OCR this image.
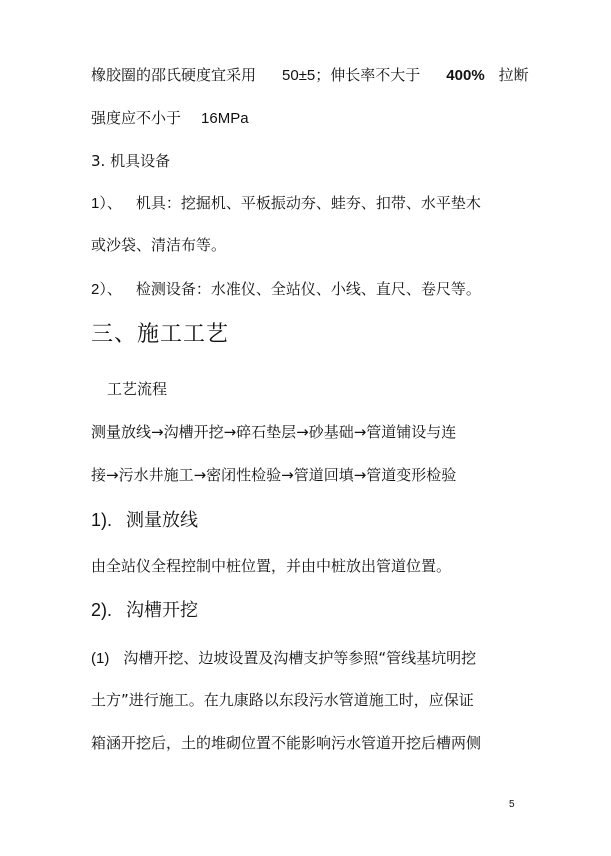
橡胶圈的邵氏硬度宜采用 50±5；伸长率不大于 400% 拉断
强度应不小于 16MPa
3. 机具设备
1）、 机具：挖掘机、平板振动夯、蛙夯、扣带、水平垫木
或沙袋、清洁布等。
2）、 检测设备：水准仪、全站仪、小线、直尺、卷尺等。
三、施工工艺
工艺流程
测量放线→沟槽开挖→碎石垫层→砂基础→管道铺设与连
接→污水井施工→密闭性检验→管道回填→管道变形检验
1). 测量放线
由全站仪全程控制中桩位置，并由中桩放出管道位置。
2). 沟槽开挖
(1) 沟槽开挖、边坡设置及沟槽支护等参照“管线基坑明挖
土方”进行施工。在九康路以东段污水管道施工时，应保证
箱涵开挖后，土的堆砌位置不能影响污水管道开挖后槽两侧
5
